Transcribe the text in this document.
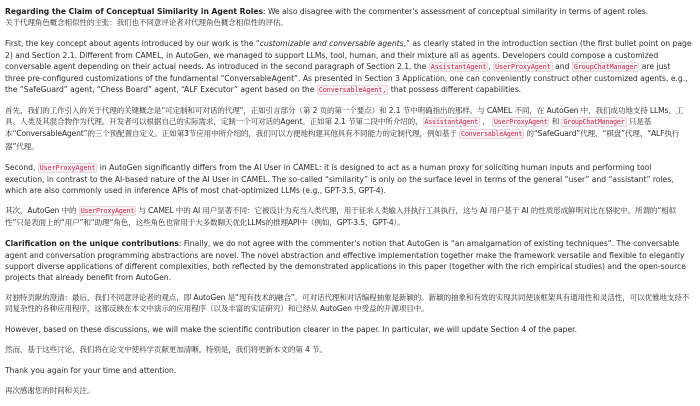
Regarding the Claim of Conceptual Similarity in Agent Roles: We also disagree with the commenter's assessment of conceptual similarity in terms of agent roles.

关于代理角色概念相似性的主张：我们也不同意评论者对代理角色概念相似性的评估。

First, the key concept about agents introduced by our work is the “customizable and conversable agents,” as clearly stated in the introduction section (the first bullet point on page 2) and Section 2.1. Different from CAMEL, in AutoGen, we managed to support LLMs, tool, human, and their mixture all as agents. Developers could compose a customized conversable agent depending on their actual needs. As introduced in the second paragraph of Section 2.1, the AssistantAgent , UserProxyAgent and GroupChatManager are just three pre-configured customizations of the fundamental “ConversableAgent”. As presented in Section 3 Application, one can conveniently construct other customized agents, e.g., the “SafeGuard” agent, “Chess Board” agent, “ALF Executor” agent based on the ConversableAgent, that possess different capabilities.

首先，我们的工作引入的关于代理的关键概念是“可定制和可对话的代理”，正如引言部分（第 2 页的第一个要点）和 2.1 节中明确指出的那样。与 CAMEL 不同，在 AutoGen 中，我们成功地支持 LLMs、工具、人类及其混合物作为代理。开发者可以根据自己的实际需求，定制一个可对话的Agent。正如第 2.1 节第二段中所介绍的， AssistantAgent ， UserProxyAgent 和 GroupChatManager 只是基本“ConversableAgent”的三个预配置自定义。正如第3节应用中所介绍的，我们可以方便地构建其他具有不同能力的定制代理，例如基于 ConversableAgent 的“SafeGuard”代理、“棋盘”代理、“ALF执行器”代理。

Second, UserProxyAgent in AutoGen significantly differs from the AI User in CAMEL: it is designed to act as a human proxy for soliciting human inputs and performing tool execution, in contrast to the AI-based nature of the AI User in CAMEL. The so-called “similarity” is only on the surface level in terms of the general “user” and “assistant” roles, which are also commonly used in inference APIs of most chat-optimized LLMs (e.g., GPT-3.5, GPT-4).

其次，AutoGen 中的 UserProxyAgent 与 CAMEL 中的 AI 用户显著不同：它被设计为充当人类代理，用于征求人类输入并执行工具执行，这与 AI 用户基于 AI 的性质形成鲜明对比在骆驼中。所谓的“相似性”只是表面上的“用户”和“助理”角色，这些角色也常用于大多数聊天优化LLMs的推理API中（例如，GPT-3.5、GPT-4）。

Clarification on the unique contributions: Finally, we do not agree with the commenter's notion that AutoGen is “an amalgamation of existing techniques”. The conversable agent and conversation programming abstractions are novel. The novel abstraction and effective implementation together make the framework versatile and flexible to elegantly support diverse applications of different complexities, both reflected by the demonstrated applications in this paper (together with the rich empirical studies) and the open-source projects that already benefit from AutoGen.

对独特贡献的澄清：最后，我们不同意评论者的观点，即 AutoGen 是“现有技术的融合”。可对话代理和对话编程抽象是新颖的。新颖的抽象和有效的实现共同使该框架具有通用性和灵活性，可以优雅地支持不同复杂性的各种应用程序，这都反映在本文中演示的应用程序（以及丰富的实证研究）和已经从 AutoGen 中受益的开源项目中。

However, based on these discussions, we will make the scientific contribution clearer in the paper. In particular, we will update Section 4 of the paper.

然而，基于这些讨论，我们将在论文中使科学贡献更加清晰。特别是，我们将更新本文的第 4 节。

Thank you again for your time and attention.

再次感谢您的时间和关注。
